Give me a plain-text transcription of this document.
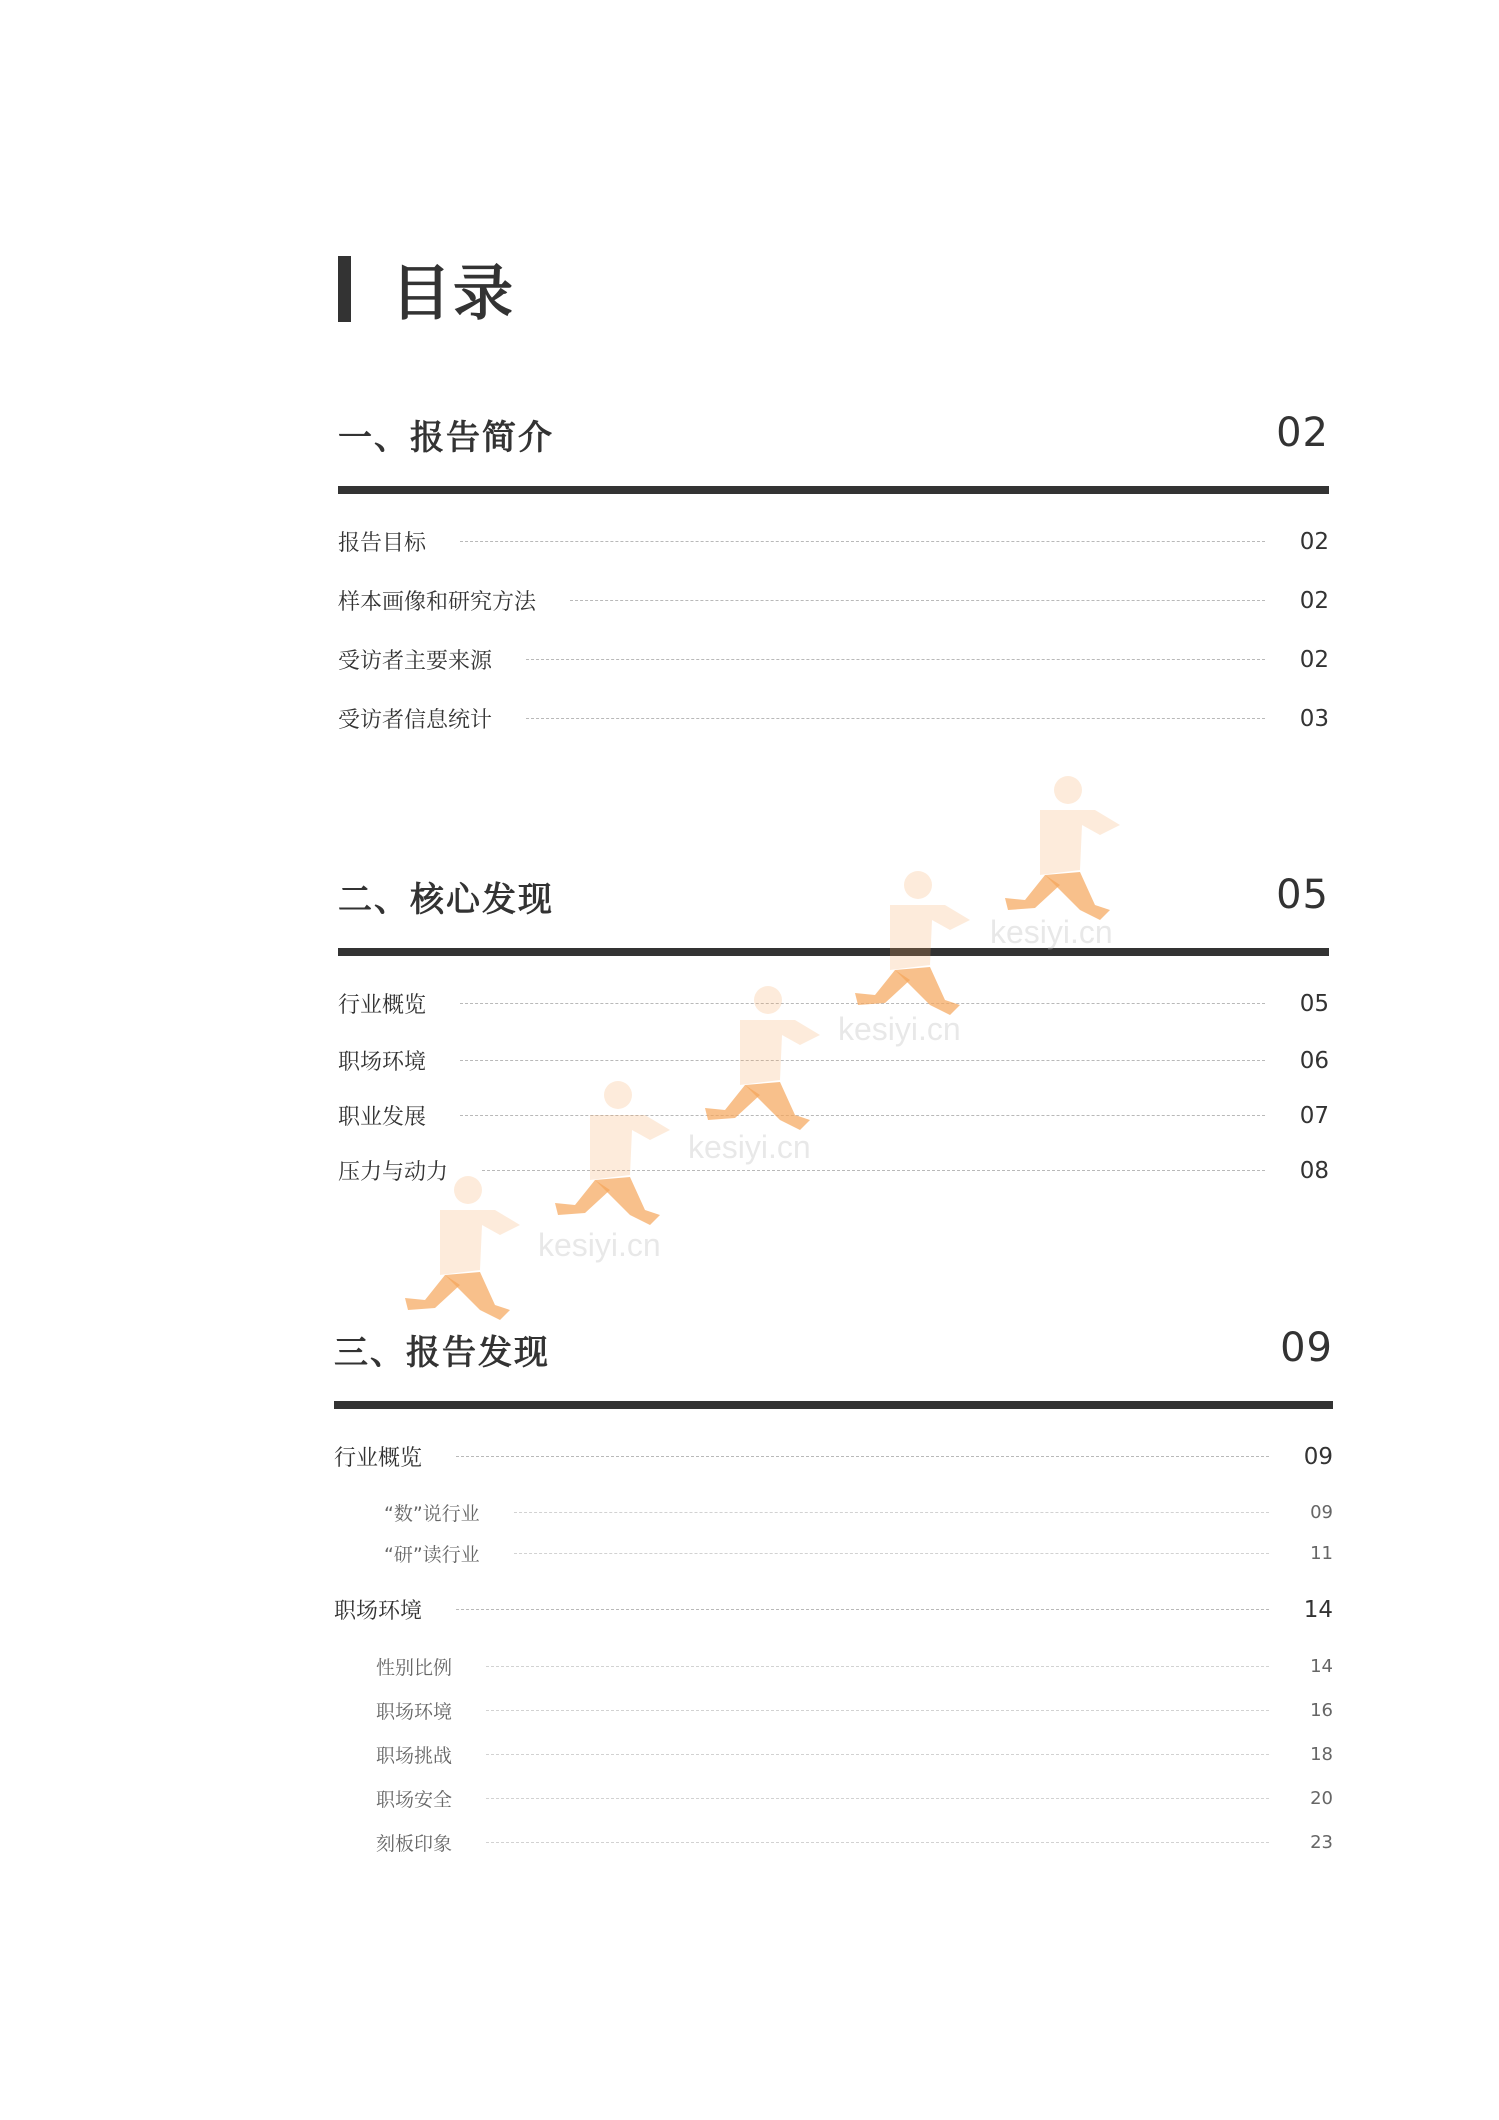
目录
一、报告简介	02
报告目标	02
样本画像和研究方法	02
受访者主要来源	02
受访者信息统计	03
二、核心发现	05
行业概览	05
职场环境	06
职业发展	07
压力与动力	08
三、报告发现	09
行业概览	09
“数”说行业	09
“研”读行业	11
职场环境	14
性别比例	14
职场环境	16
职场挑战	18
职场安全	20
刻板印象	23
kesiyi.cn
kesiyi.cn
kesiyi.cn
kesiyi.cn
